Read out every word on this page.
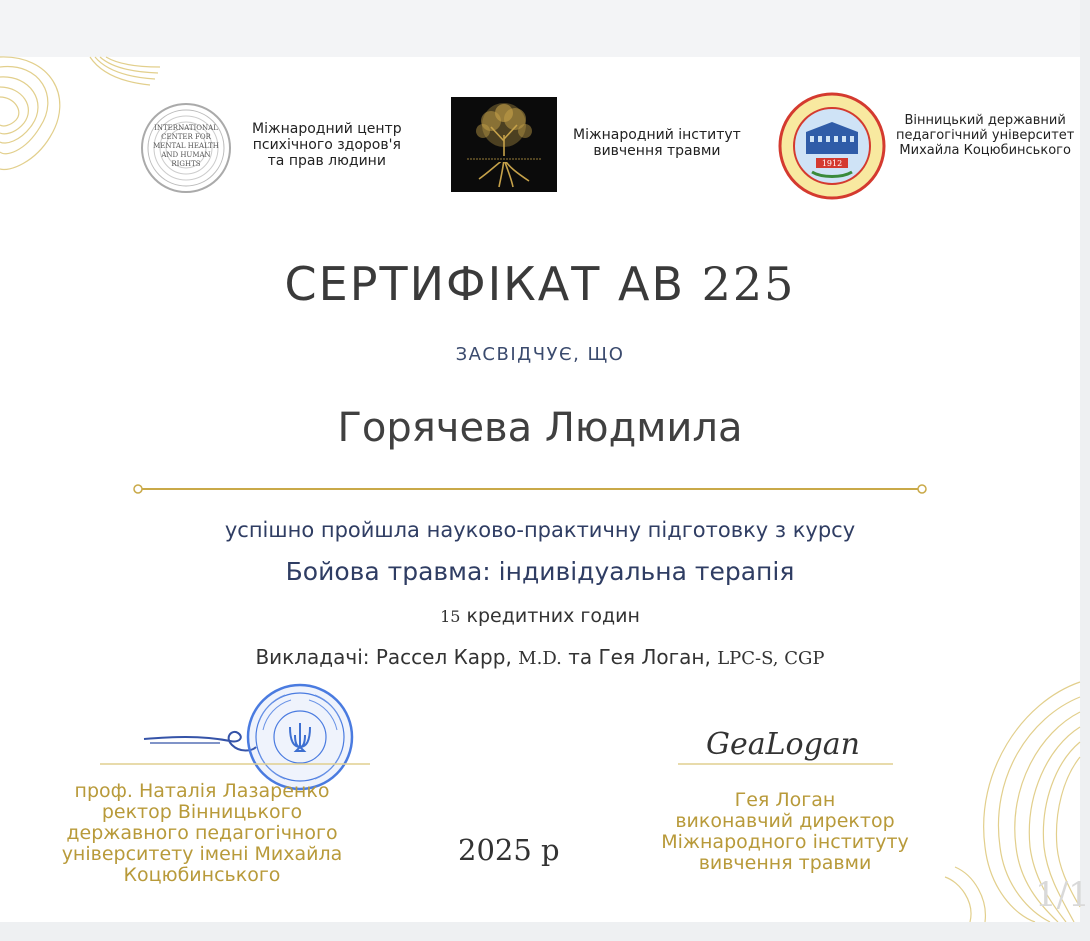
INTERNATIONAL
CENTER FOR
MENTAL HEALTH
AND HUMAN
RIGHTS
Міжнародний центр
психічного здоров'я
та прав людини
Міжнародний інститут
вивчення травми
1912
Вінницький державний
педагогічний університет
Михайла Коцюбинського
СЕРТИФІКАТ АВ 225
ЗАСВІДЧУЄ, ЩО
Горячева Людмила
успішно пройшла науково-практичну підготовку з курсу
Бойова травма: індивідуальна терапія
15 кредитних годин
Викладачі: Рассел Карр, M.D. та Гея Логан, LPC-S, CGP
проф. Наталія Лазаренко
ректор Вінницького
державного педагогічного
університету імені Михайла
Коцюбинського
2025 р
GeaLogan
Гея Логан
виконавчий директор
Міжнародного інституту
вивчення травми
1/1
